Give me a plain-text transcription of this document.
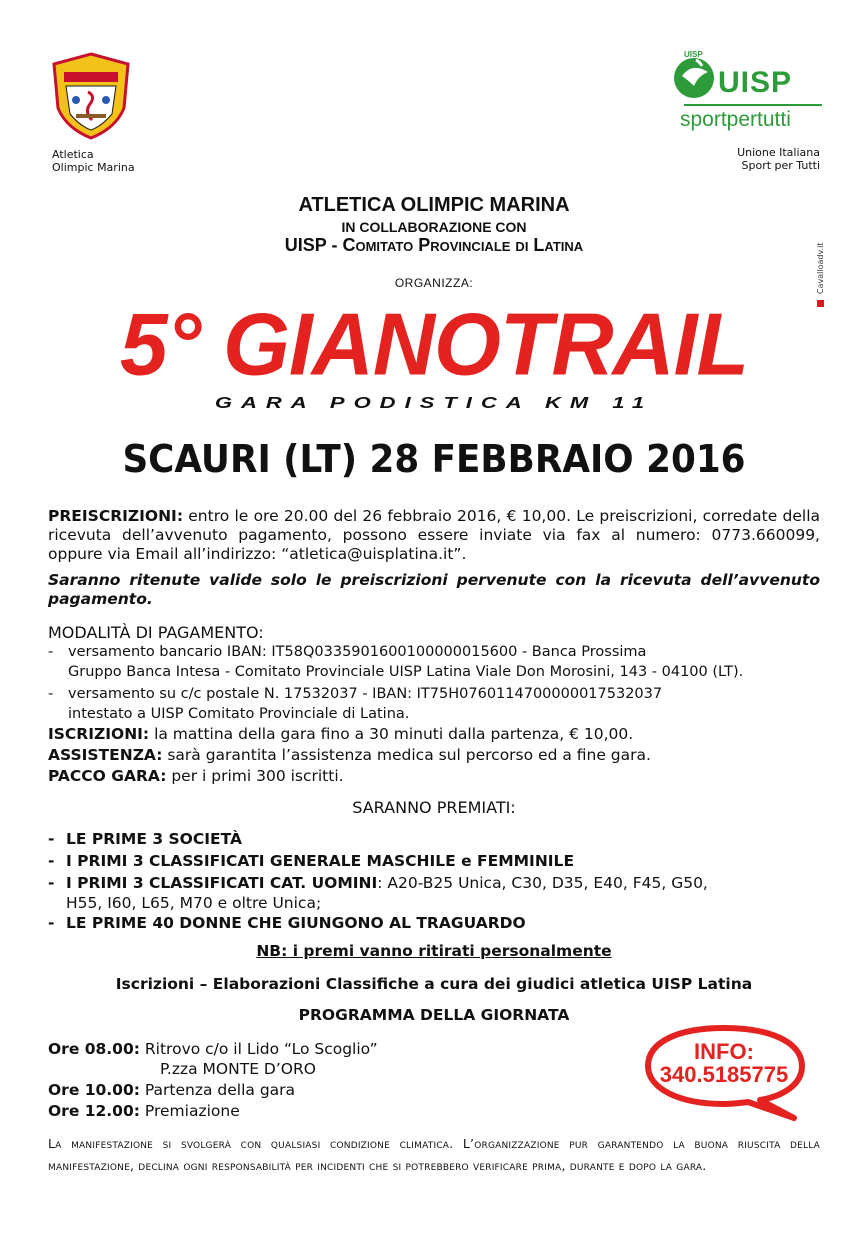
Atletica
Olimpic Marina
UISP
UISP
sportpertutti
Unione Italiana
Sport per Tutti
Cavalloadv.it
ATLETICA OLIMPIC MARINA
IN COLLABORAZIONE CON
UISP - Comitato Provinciale di Latina
ORGANIZZA:
5° GIANOTRAIL
GARA PODISTICA KM 11
SCAURI (LT) 28 FEBBRAIO 2016
PREISCRIZIONI: entro le ore 20.00 del 26 febbraio 2016, € 10,00. Le preiscrizioni, corredate della ricevuta dell’avvenuto pagamento, possono essere inviate via fax al numero: 0773.660099, oppure via Email all’indirizzo: “atletica@uisplatina.it”.
Saranno ritenute valide solo le preiscrizioni pervenute con la ricevuta dell’avvenuto pagamento.
MODALITÀ DI PAGAMENTO:
- versamento bancario IBAN: IT58Q0335901600100000015600 - Banca Prossima
Gruppo Banca Intesa - Comitato Provinciale UISP Latina Viale Don Morosini, 143 - 04100 (LT).
- versamento su c/c postale N. 17532037 - IBAN: IT75H0760114700000017532037
intestato a UISP Comitato Provinciale di Latina.
ISCRIZIONI: la mattina della gara fino a 30 minuti dalla partenza, € 10,00.
ASSISTENZA: sarà garantita l’assistenza medica sul percorso ed a fine gara.
PACCO GARA: per i primi 300 iscritti.
SARANNO PREMIATI:
- LE PRIME 3 SOCIETÀ
- I PRIMI 3 CLASSIFICATI GENERALE MASCHILE e FEMMINILE
- I PRIMI 3 CLASSIFICATI CAT. UOMINI: A20-B25 Unica, C30, D35, E40, F45, G50,
H55, I60, L65, M70 e oltre Unica;
- LE PRIME 40 DONNE CHE GIUNGONO AL TRAGUARDO
NB: i premi vanno ritirati personalmente
Iscrizioni – Elaborazioni Classifiche a cura dei giudici atletica UISP Latina
PROGRAMMA DELLA GIORNATA
Ore 08.00: Ritrovo c/o il Lido “Lo Scoglio”
P.zza MONTE D’ORO
Ore 10.00: Partenza della gara
Ore 12.00: Premiazione
INFO:
340.5185775
La manifestazione si svolgerà con qualsiasi condizione climatica. L’organizzazione pur garantendo la buona riuscita della manifestazione, declina ogni responsabilità per incidenti che si potrebbero verificare prima, durante e dopo la gara.
